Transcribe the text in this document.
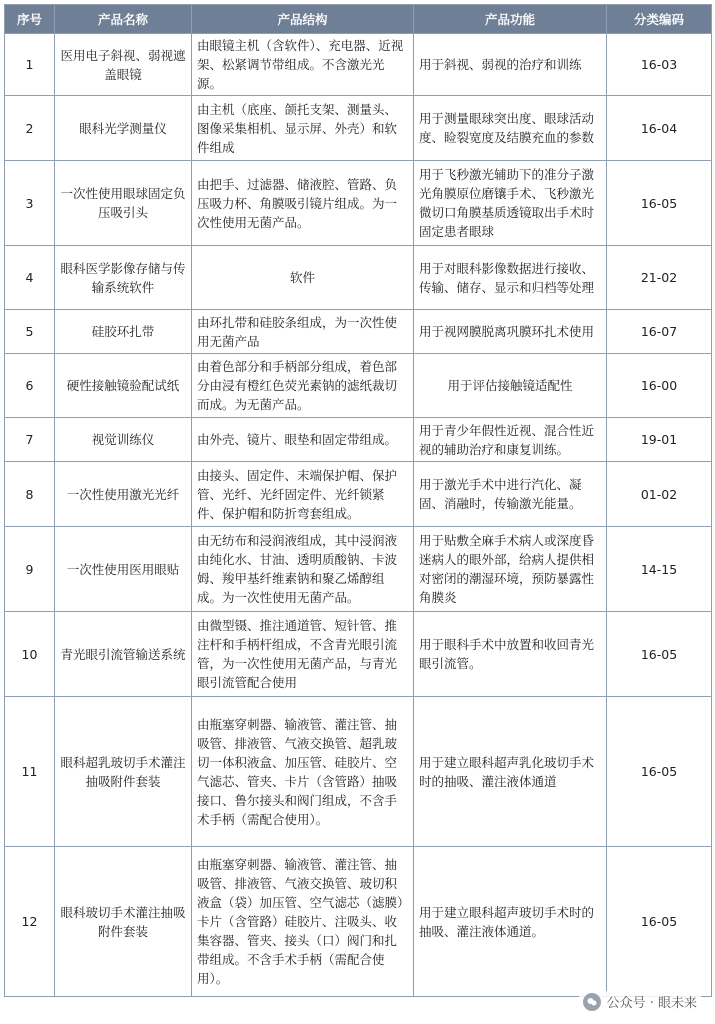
序号	产品名称	产品结构	产品功能	分类编码
1	医用电子斜视、弱视遮盖眼镜	由眼镜主机（含软件）、充电器、近视架、松紧调节带组成。不含激光光源。	用于斜视、弱视的治疗和训练	16-03
2	眼科光学测量仪	由主机（底座、颌托支架、测量头、图像采集相机、显示屏、外壳）和软件组成	用于测量眼球突出度、眼球活动度、睑裂宽度及结膜充血的参数	16-04
3	一次性使用眼球固定负压吸引头	由把手、过滤器、储液腔、管路、负压吸力杯、角膜吸引镜片组成。为一次性使用无菌产品。	用于飞秒激光辅助下的准分子激光角膜原位磨镶手术、飞秒激光微切口角膜基质透镜取出手术时固定患者眼球	16-05
4	眼科医学影像存储与传输系统软件	软件	用于对眼科影像数据进行接收、传输、储存、显示和归档等处理	21-02
5	硅胶环扎带	由环扎带和硅胶条组成，为一次性使用无菌产品	用于视网膜脱离巩膜环扎术使用	16-07
6	硬性接触镜验配试纸	由着色部分和手柄部分组成，着色部分由浸有橙红色荧光素钠的滤纸裁切而成。为无菌产品。	用于评估接触镜适配性	16-00
7	视觉训练仪	由外壳、镜片、眼垫和固定带组成。	用于青少年假性近视、混合性近视的辅助治疗和康复训练。	19-01
8	一次性使用激光光纤	由接头、固定件、末端保护帽、保护管、光纤、光纤固定件、光纤锁紧件、保护帽和防折弯套组成。	用于激光手术中进行汽化、凝固、消融时，传输激光能量。	01-02
9	一次性使用医用眼贴	由无纺布和浸润液组成，其中浸润液由纯化水、甘油、透明质酸钠、卡波姆、羧甲基纤维素钠和聚乙烯醇组成。为一次性使用无菌产品。	用于贴敷全麻手术病人或深度昏迷病人的眼外部，给病人提供相对密闭的潮湿环境，预防暴露性角膜炎	14-15
10	青光眼引流管输送系统	由微型镊、推注通道管、短针管、推注杆和手柄杆组成，不含青光眼引流管，为一次性使用无菌产品，与青光眼引流管配合使用	用于眼科手术中放置和收回青光眼引流管。	16-05
11	眼科超乳玻切手术灌注抽吸附件套装	由瓶塞穿刺器、输液管、灌注管、抽吸管、排液管、气液交换管、超乳玻切一体积液盒、加压管、硅胶片、空气滤芯、管夹、卡片（含管路）抽吸接口、鲁尔接头和阀门组成，不含手术手柄（需配合使用）。	用于建立眼科超声乳化玻切手术时的抽吸、灌注液体通道	16-05
12	眼科玻切手术灌注抽吸附件套装	由瓶塞穿刺器、输液管、灌注管、抽吸管、排液管、气液交换管、玻切积液盒（袋）加压管、空气滤芯（滤膜）卡片（含管路）硅胶片、注吸头、收集容器、管夹、接头（口）阀门和扎带组成。不含手术手柄（需配合使用）。	用于建立眼科超声玻切手术时的抽吸、灌注液体通道。	16-05
公众号 · 眼未来
